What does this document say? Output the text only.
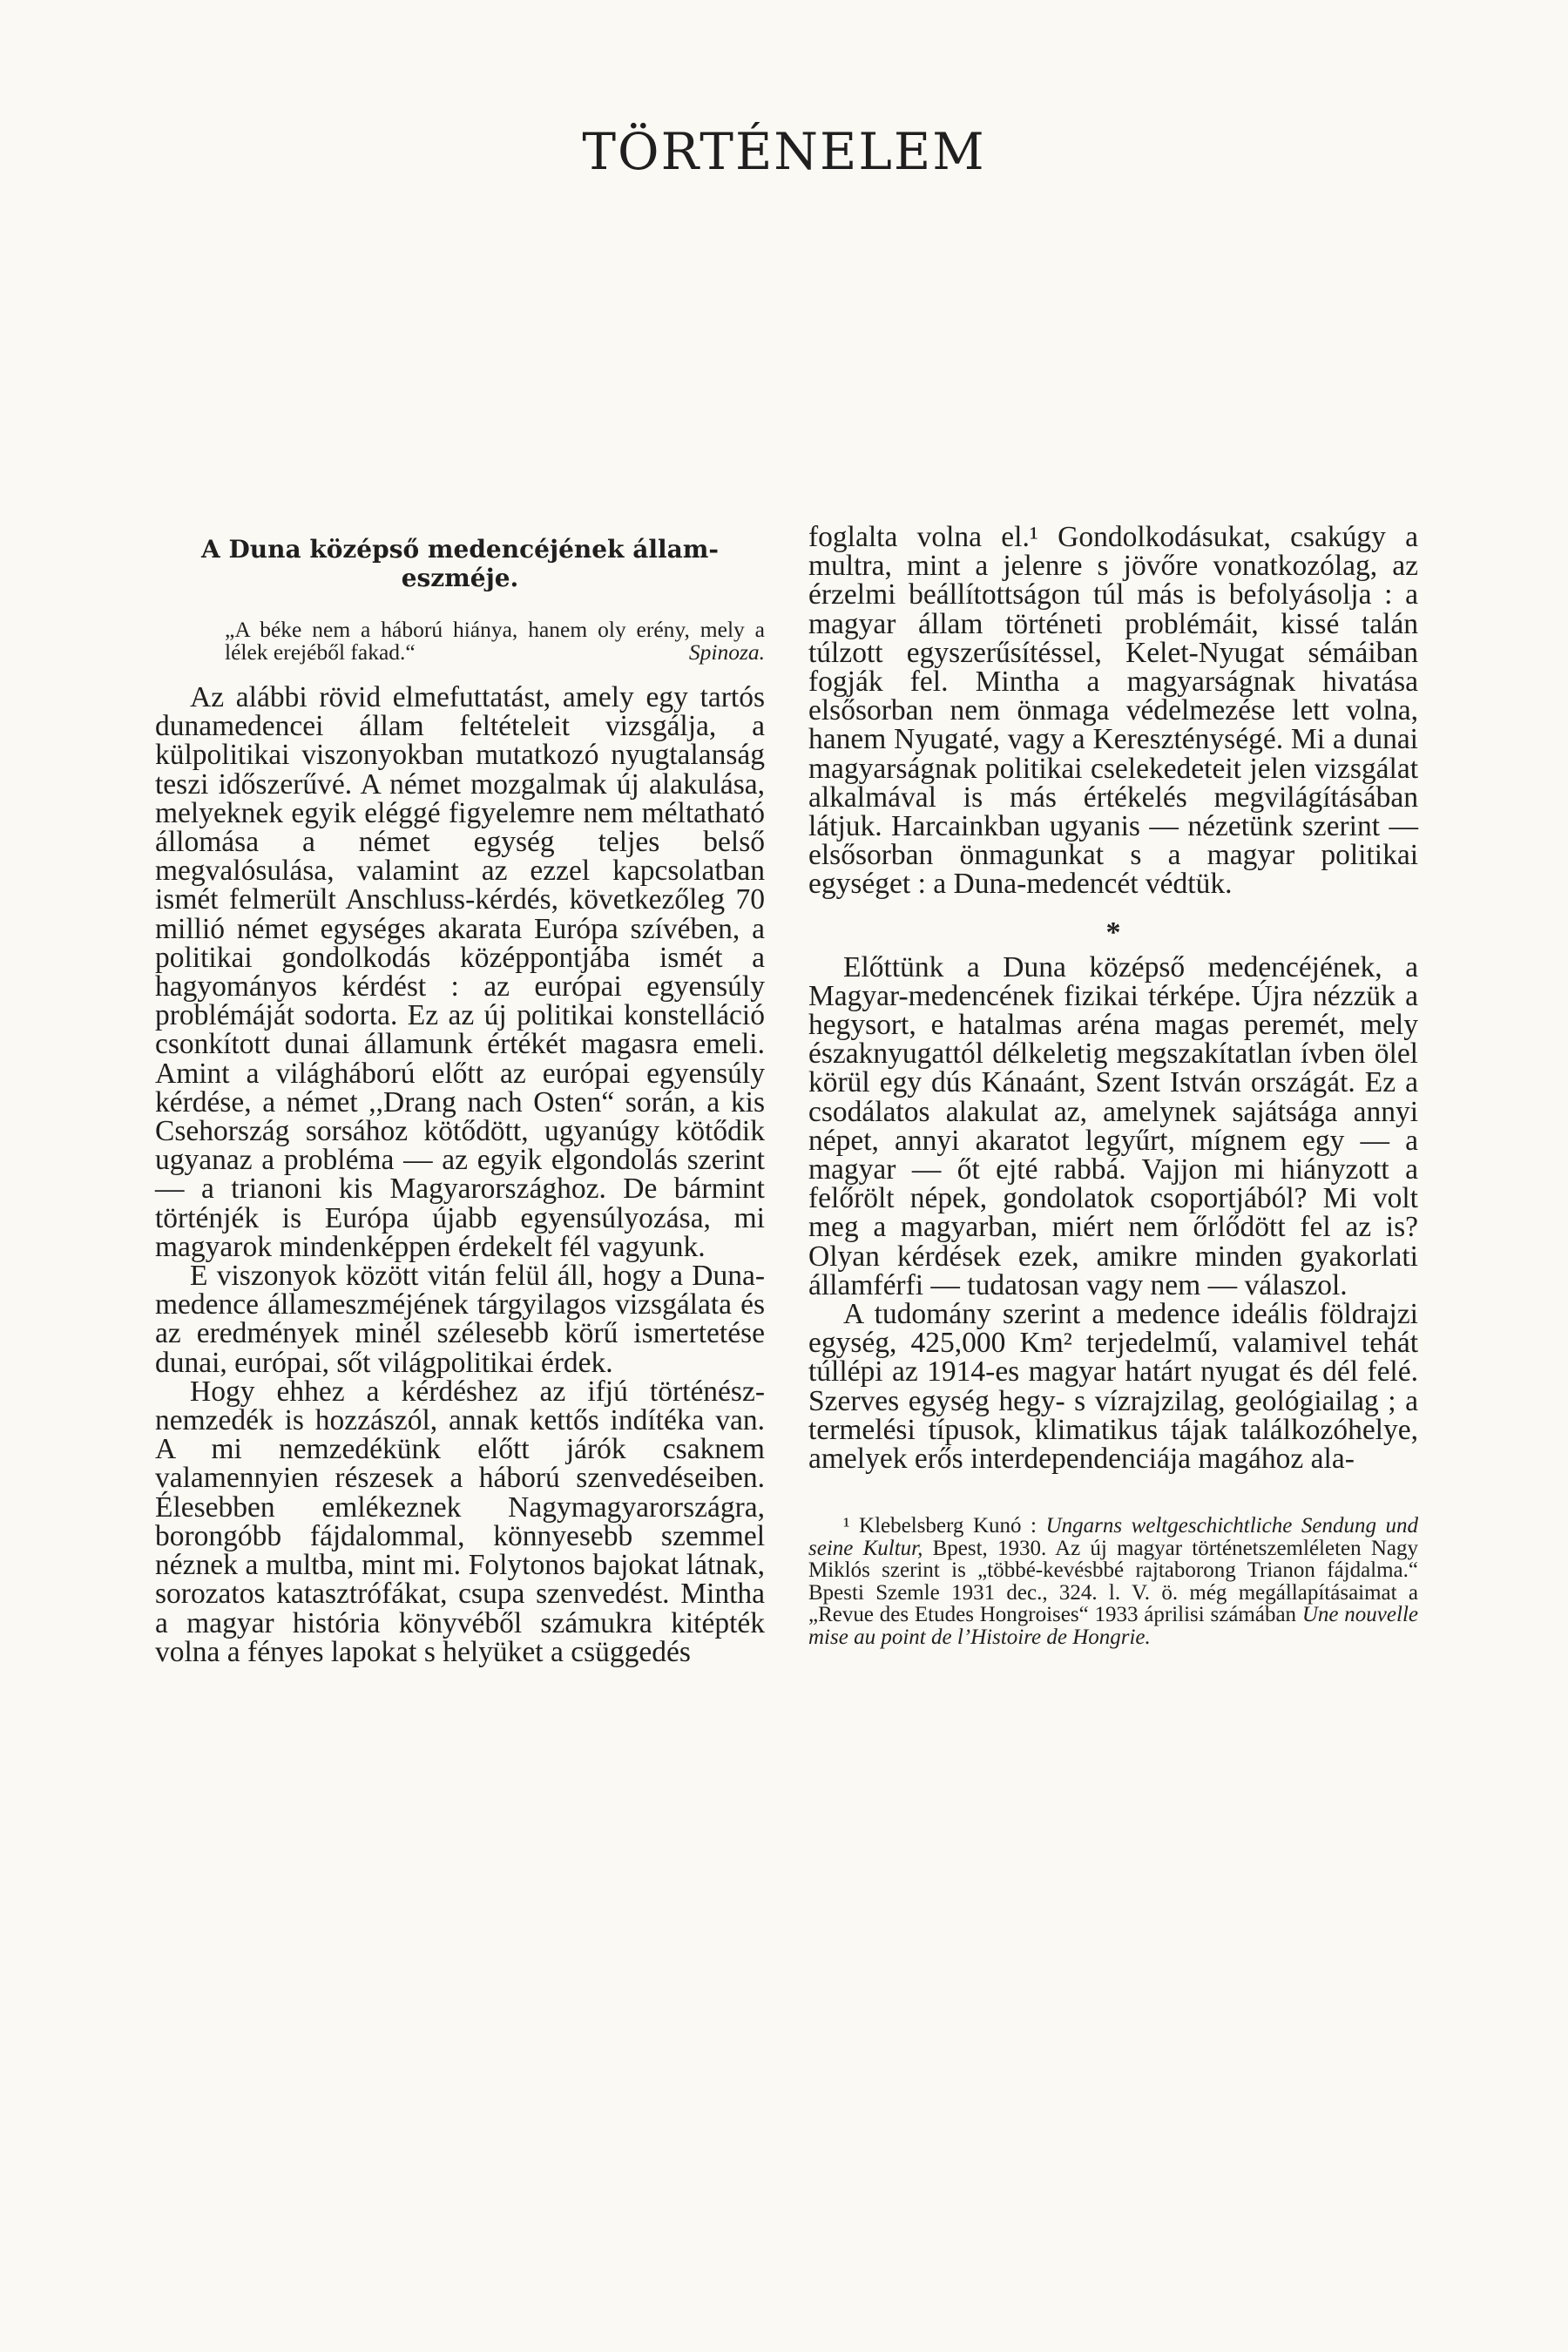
TÖRTÉNELEM
A Duna középső medencéjének állam-eszméje.
„A béke nem a háború hiánya, hanem oly erény, mely a lélek erejéből fakad.“	Spinoza.

Az alábbi rövid elmefuttatást, amely egy tartós dunamedencei állam feltételeit vizsgálja, a külpolitikai viszonyokban mutatkozó nyugtalanság teszi időszerűvé. A német mozgalmak új alakulása, melyeknek egyik eléggé figyelemre nem méltatható állomása a német egység teljes belső megvalósulása, valamint az ezzel kapcsolatban ismét felmerült Anschluss-kérdés, következőleg 70 millió német egységes akarata Európa szívében, a politikai gondolkodás középpontjába ismét a hagyományos kérdést : az európai egyensúly problémáját sodorta. Ez az új politikai konstelláció csonkított dunai államunk értékét magasra emeli. Amint a világháború előtt az európai egyensúly kérdése, a német ,,Drang nach Osten“ során, a kis Csehország sorsához kötődött, ugyanúgy kötődik ugyanaz a probléma — az egyik elgondolás szerint — a trianoni kis Magyarországhoz. De bármint történjék is Európa újabb egyensúlyozása, mi magyarok mindenképpen érdekelt fél vagyunk.

E viszonyok között vitán felül áll, hogy a Duna-medence állameszméjének tárgyilagos vizsgálata és az eredmények minél szélesebb körű ismertetése dunai, európai, sőt világpolitikai érdek.

Hogy ehhez a kérdéshez az ifjú történész-nemzedék is hozzászól, annak kettős indítéka van. A mi nemzedékünk előtt járók csaknem valamennyien részesek a háború szenvedéseiben. Élesebben emlékeznek Nagymagyarországra, borongóbb fájdalommal, könnyesebb szemmel néznek a multba, mint mi. Folytonos bajokat látnak, sorozatos katasztrófákat, csupa szenvedést. Mintha a magyar história könyvéből számukra kitépték volna a fényes lapokat s helyüket a csüggedés

foglalta volna el.¹ Gondolkodásukat, csakúgy a multra, mint a jelenre s jövőre vonatkozólag, az érzelmi beállítottságon túl más is befolyásolja : a magyar állam történeti problémáit, kissé talán túlzott egyszerűsítéssel, Kelet-Nyugat sémáiban fogják fel. Mintha a magyarságnak hivatása elsősorban nem önmaga védelmezése lett volna, hanem Nyugaté, vagy a Kereszténységé. Mi a dunai magyarságnak politikai cselekedeteit jelen vizsgálat alkalmával is más értékelés megvilágításában látjuk. Harcainkban ugyanis — nézetünk szerint — elsősorban önmagunkat s a magyar politikai egységet : a Duna-medencét védtük.

*

Előttünk a Duna középső medencéjének, a Magyar-medencének fizikai térképe. Újra nézzük a hegysort, e hatalmas aréna magas peremét, mely északnyugattól délkeletig megszakítatlan ívben ölel körül egy dús Kánaánt, Szent István országát. Ez a csodálatos alakulat az, amelynek sajátsága annyi népet, annyi akaratot legyűrt, mígnem egy — a magyar — őt ejté rabbá. Vajjon mi hiányzott a felőrölt népek, gondolatok csoportjából? Mi volt meg a magyarban, miért nem őrlődött fel az is? Olyan kérdések ezek, amikre minden gyakorlati államférfi — tudatosan vagy nem — válaszol.

A tudomány szerint a medence ideális földrajzi egység, 425,000 Km² terjedelmű, valamivel tehát túllépi az 1914-es magyar határt nyugat és dél felé. Szerves egység hegy- s vízrajzilag, geológiailag ; a termelési típusok, klimatikus tájak találkozóhelye, amelyek erős interdependenciája magához ala-

¹ Klebelsberg Kunó : Ungarns weltgeschichtliche Sendung und seine Kultur, Bpest, 1930. Az új magyar történetszemléleten Nagy Miklós szerint is „többé-kevésbbé rajtaborong Trianon fájdalma.“ Bpesti Szemle 1931 dec., 324. l. V. ö. még megállapításaimat a „Revue des Etudes Hongroises“ 1933 áprilisi számában Une nouvelle mise au point de l’Histoire de Hongrie.
